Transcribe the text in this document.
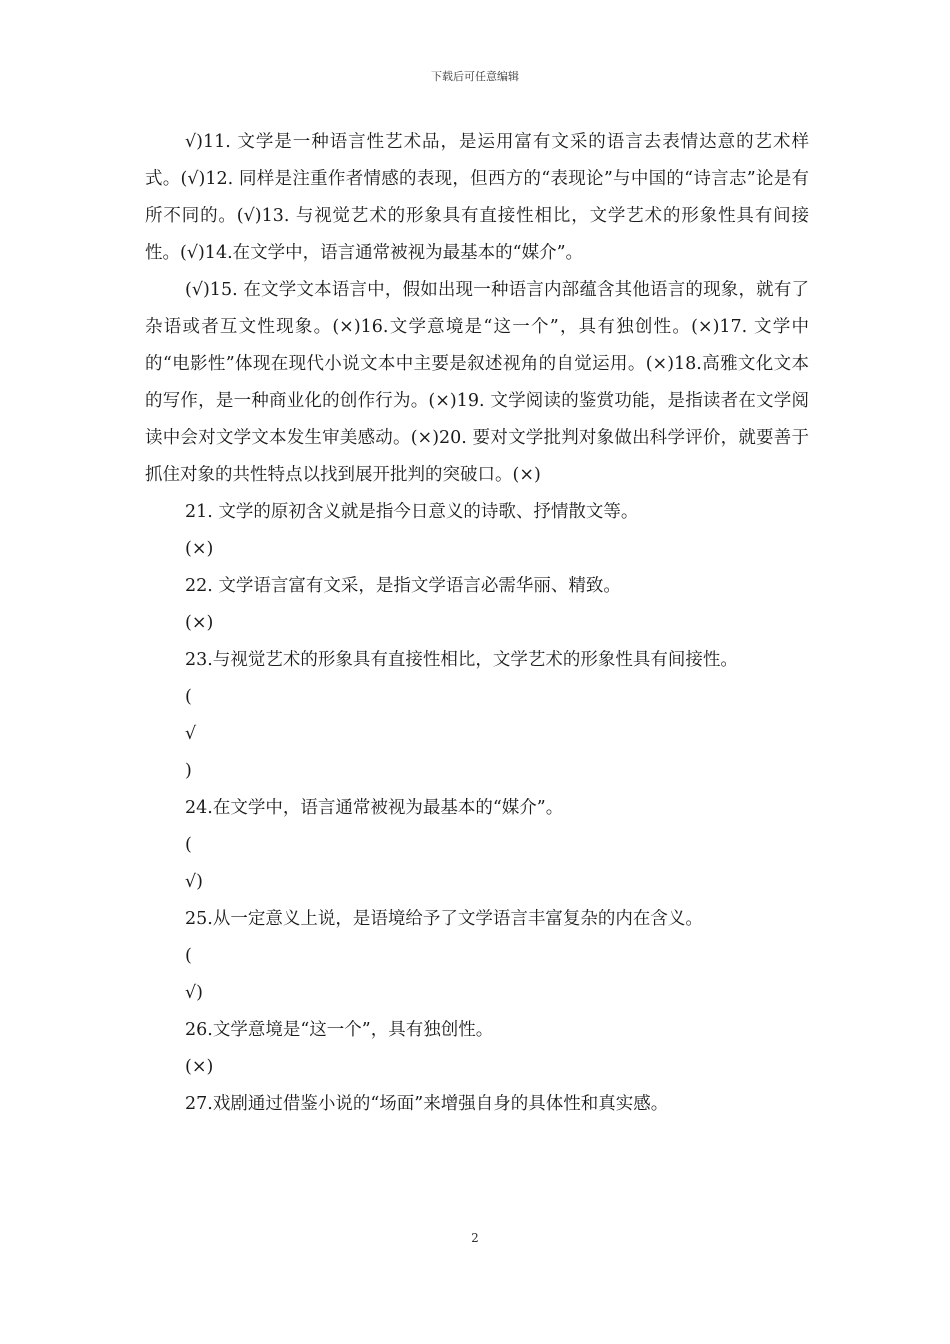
下载后可任意编辑

√)11. 文学是一种语言性艺术品，是运用富有文采的语言去表情达意的艺术样式。(√)12. 同样是注重作者情感的表现，但西方的“表现论”与中国的“诗言志”论是有所不同的。(√)13. 与视觉艺术的形象具有直接性相比，文学艺术的形象性具有间接性。(√)14.在文学中，语言通常被视为最基本的“媒介”。

(√)15. 在文学文本语言中，假如出现一种语言内部蕴含其他语言的现象，就有了杂语或者互文性现象。(×)16.文学意境是“这一个”，具有独创性。(×)17. 文学中的“电影性”体现在现代小说文本中主要是叙述视角的自觉运用。(×)18.高雅文化文本的写作，是一种商业化的创作行为。(×)19. 文学阅读的鉴赏功能，是指读者在文学阅读中会对文学文本发生审美感动。(×)20. 要对文学批判对象做出科学评价，就要善于抓住对象的共性特点以找到展开批判的突破口。(×)

21. 文学的原初含义就是指今日意义的诗歌、抒情散文等。

(×)

22. 文学语言富有文采，是指文学语言必需华丽、精致。

(×)

23.与视觉艺术的形象具有直接性相比，文学艺术的形象性具有间接性。

(

√

)

24.在文学中，语言通常被视为最基本的“媒介”。

(

√)

25.从一定意义上说，是语境给予了文学语言丰富复杂的内在含义。

(

√)

26.文学意境是“这一个”，具有独创性。

(×)

27.戏剧通过借鉴小说的“场面”来增强自身的具体性和真实感。

2
